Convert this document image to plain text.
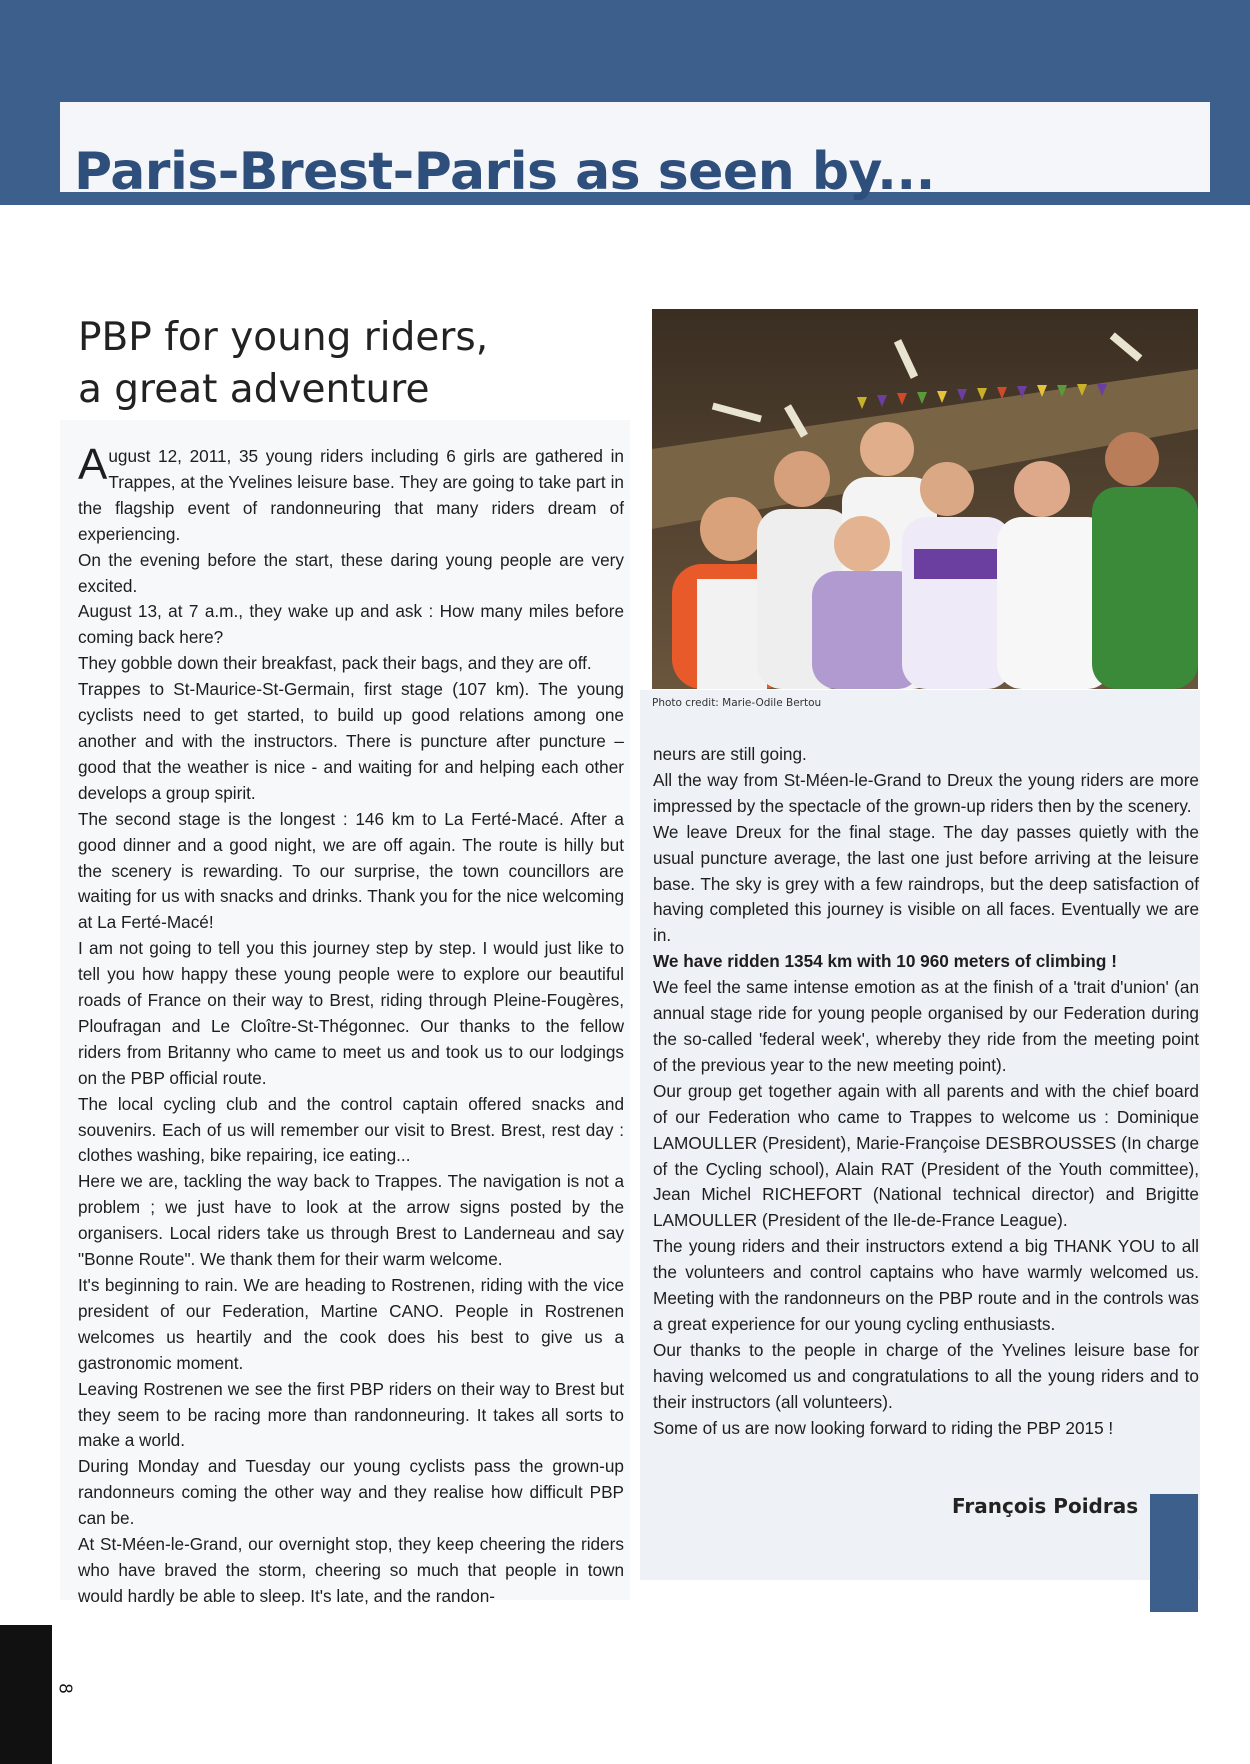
Paris-Brest-Paris as seen by...
PBP for young riders,
a great adventure

August 12, 2011, 35 young riders including 6 girls are gathered in Trappes, at the Yvelines leisure base. They are going to take part in the flagship event of randonneuring that many riders dream of experiencing.

On the evening before the start, these daring young people are very excited.

August 13, at 7 a.m., they wake up and ask : How many miles before coming back here?

They gobble down their breakfast, pack their bags, and they are off.

Trappes to St-Maurice-St-Germain, first stage (107 km). The young cyclists need to get started, to build up good relations among one another and with the instructors. There is puncture after puncture – good that the weather is nice - and waiting for and helping each other develops a group spirit.

The second stage is the longest : 146 km to La Ferté-Macé. After a good dinner and a good night, we are off again. The route is hilly but the scenery is rewarding. To our surprise, the town councillors are waiting for us with snacks and drinks. Thank you for the nice welcoming at La Ferté-Macé!

I am not going to tell you this journey step by step. I would just like to tell you how happy these young people were to explore our beautiful roads of France on their way to Brest, riding through Pleine-Fougères, Ploufragan and Le Cloître-St-Thégonnec. Our thanks to the fellow riders from Britanny who came to meet us and took us to our lodgings on the PBP official route.

The local cycling club and the control captain offered snacks and souvenirs. Each of us will remember our visit to Brest. Brest, rest day : clothes washing, bike repairing, ice eating...

Here we are, tackling the way back to Trappes. The navigation is not a problem ; we just have to look at the arrow signs posted by the organisers. Local riders take us through Brest to Landerneau and say "Bonne Route". We thank them for their warm welcome.

It's beginning to rain. We are heading to Rostrenen, riding with the vice president of our Federation, Martine CANO. People in Rostrenen welcomes us heartily and the cook does his best to give us a gastronomic moment.

Leaving Rostrenen we see the first PBP riders on their way to Brest but they seem to be racing more than randonneuring. It takes all sorts to make a world.

During Monday and Tuesday our young cyclists pass the grown-up randonneurs coming the other way and they realise how difficult PBP can be.

At St-Méen-le-Grand, our overnight stop, they keep cheering the riders who have braved the storm, cheering so much that people in town would hardly be able to sleep. It's late, and the randon-

Photo credit: Marie-Odile Bertou

neurs are still going.

All the way from St-Méen-le-Grand to Dreux the young riders are more impressed by the spectacle of the grown-up riders then by the scenery.

We leave Dreux for the final stage. The day passes quietly with the usual puncture average, the last one just before arriving at the leisure base. The sky is grey with a few raindrops, but the deep satisfaction of having completed this journey is visible on all faces. Eventually we are in.

We have ridden 1354 km with 10 960 meters of climbing !

We feel the same intense emotion as at the finish of a 'trait d'union' (an annual stage ride for young people organised by our Federation during the so-called 'federal week', whereby they ride from the meeting point of the previous year to the new meeting point).

Our group get together again with all parents and with the chief board of our Federation who came to Trappes to welcome us : Dominique LAMOULLER (President), Marie-Françoise DESBROUSSES (In charge of the Cycling school), Alain RAT (President of the Youth committee), Jean Michel RICHEFORT (National technical director) and Brigitte LAMOULLER (President of the Ile-de-France League).

The young riders and their instructors extend a big THANK YOU to all the volunteers and control captains who have warmly welcomed us. Meeting with the randonneurs on the PBP route and in the controls was a great experience for our young cycling enthusiasts.

Our thanks to the people in charge of the Yvelines leisure base for having welcomed us and congratulations to all the young riders and to their instructors (all volunteers).

Some of us are now looking forward to riding the PBP 2015 !

François Poidras
8
